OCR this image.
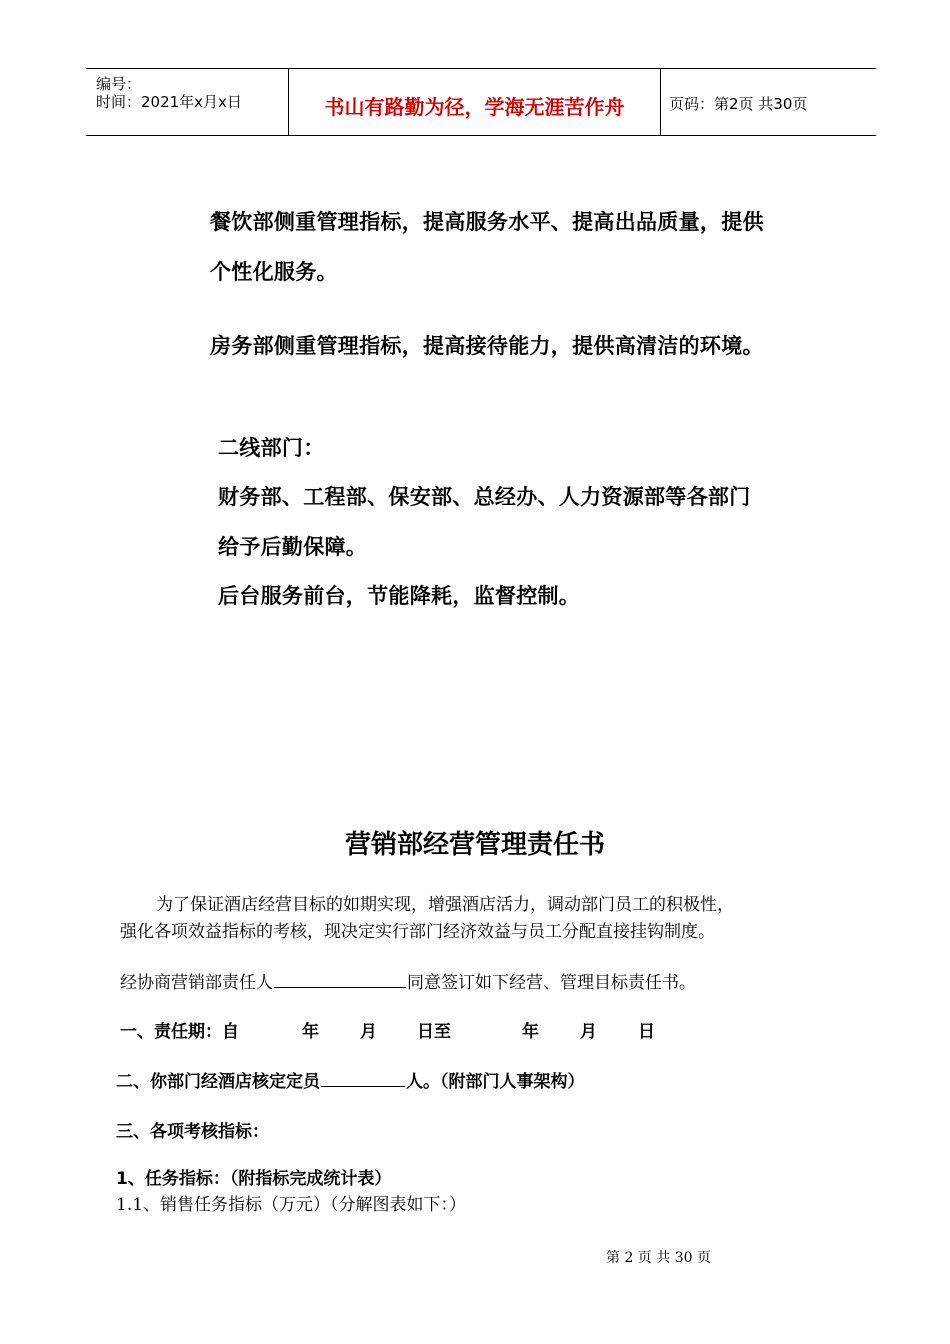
编号：
时间：2021年x月x日	书山有路勤为径，学海无涯苦作舟	页码：第2页 共30页
餐饮部侧重管理指标，提高服务水平、提高出品质量，提供
个性化服务。
房务部侧重管理指标，提高接待能力，提供高清洁的环境。
二线部门：
财务部、工程部、保安部、总经办、人力资源部等各部门
给予后勤保障。
后台服务前台，节能降耗，监督控制。
营销部经营管理责任书
为了保证酒店经营目标的如期实现，增强酒店活力，调动部门员工的积极性，
强化各项效益指标的考核，现决定实行部门经济效益与员工分配直接挂钩制度。
经协商营销部责任人	同意签订如下经营、管理目标责任书。
一、责任期：自	年 月 日至	年 月 日
二、你部门经酒店核定定员	人。（附部门人事架构）
三、各项考核指标：
1、任务指标：（附指标完成统计表）
1.1、销售任务指标（万元）（分解图表如下：）
第 2 页 共 30 页
